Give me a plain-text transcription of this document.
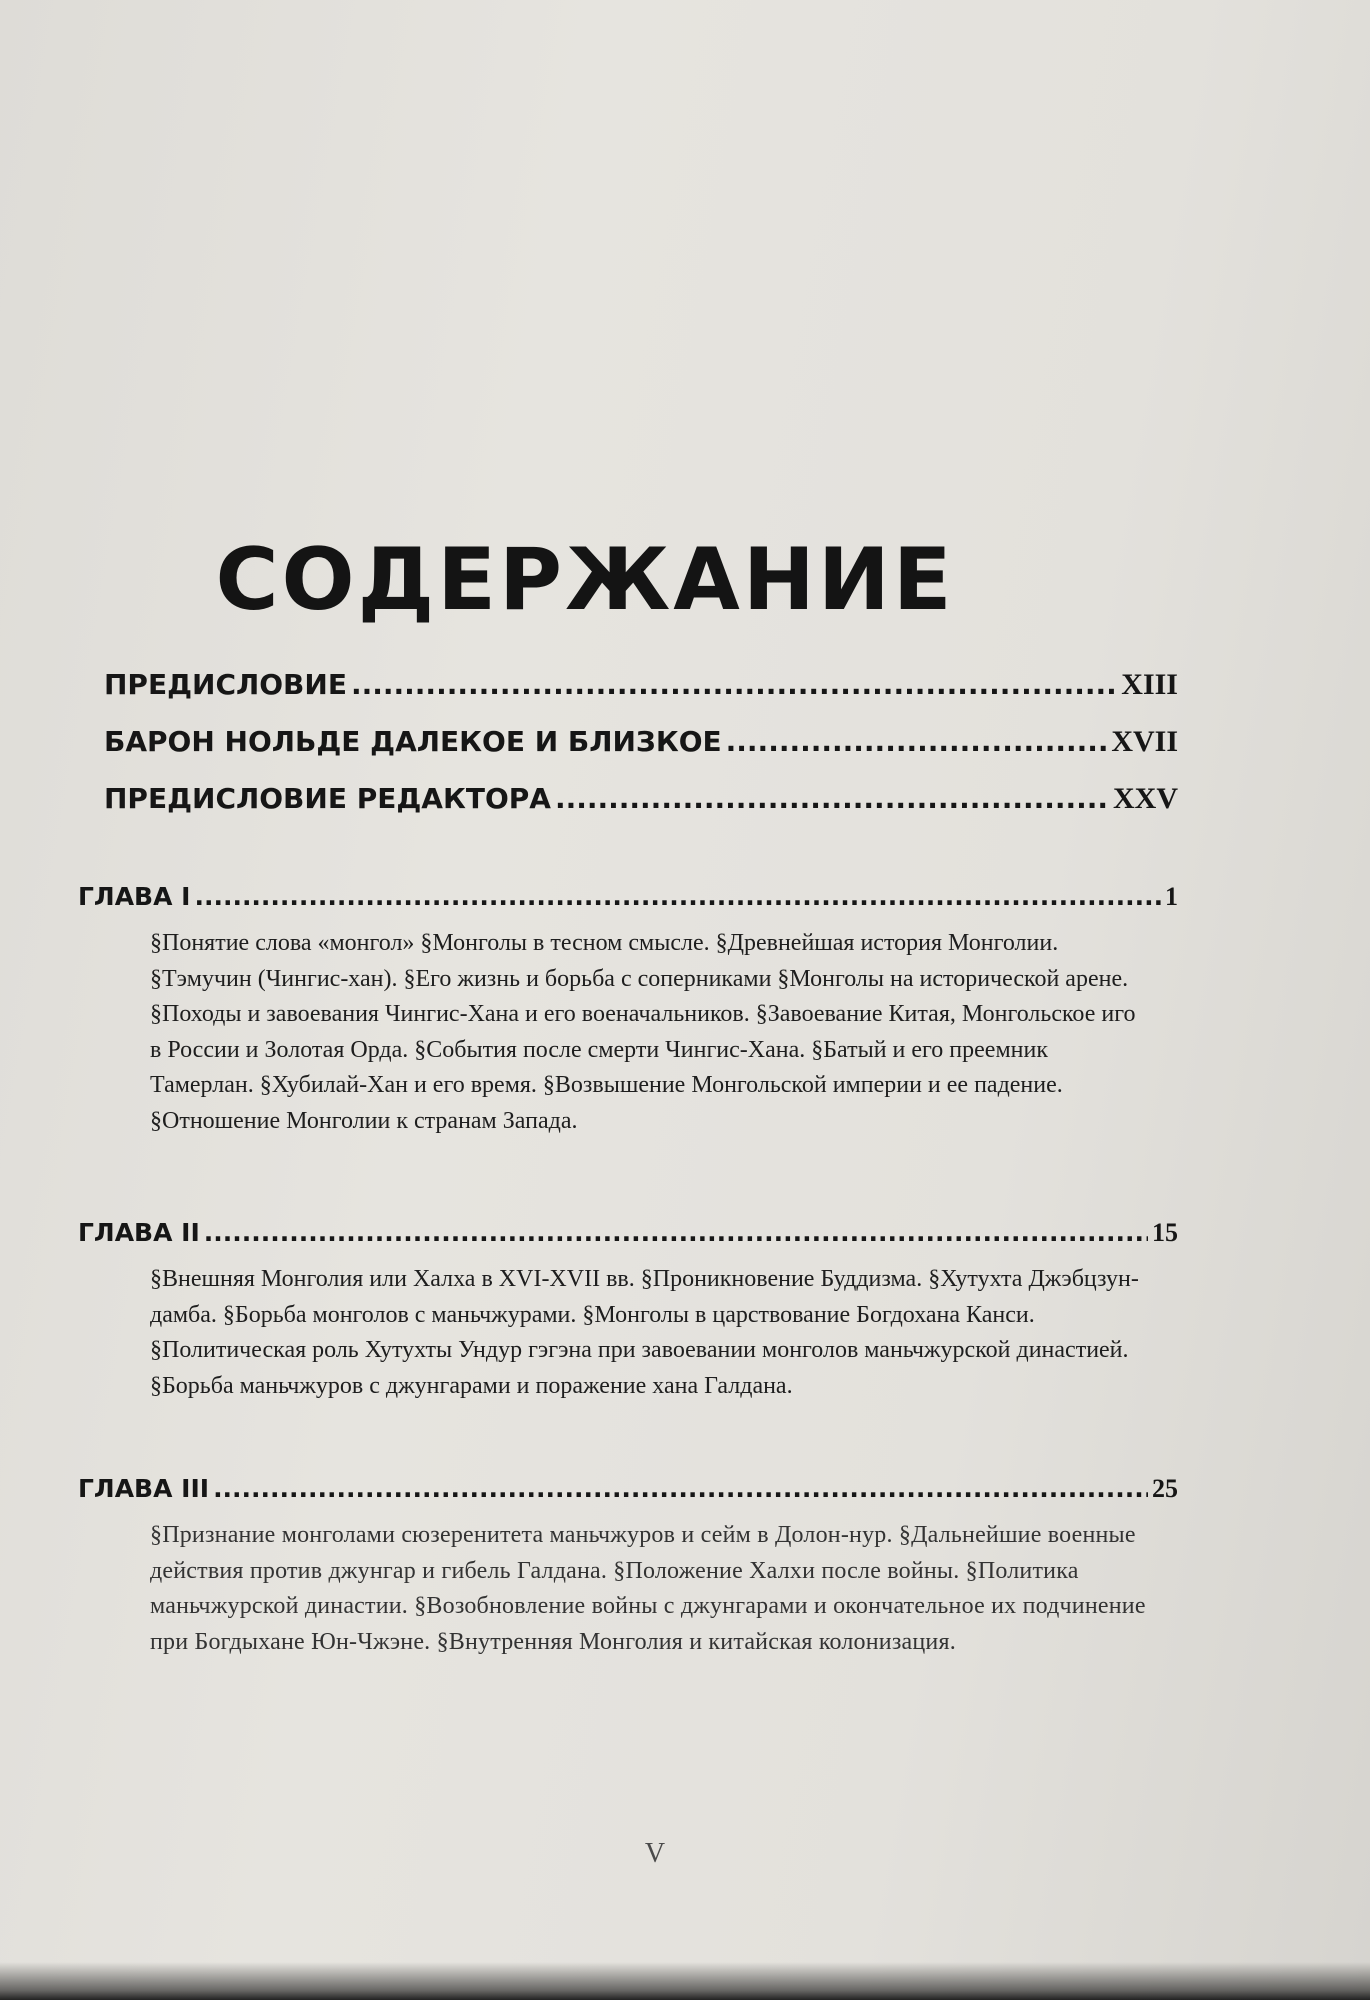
СОДЕРЖАНИЕ
ПРЕДИСЛОВИЕ .....	XIII
БАРОН НОЛЬДЕ ДАЛЕКОЕ И БЛИЗКОЕ .....	XVII
ПРЕДИСЛОВИЕ РЕДАКТОРА .....	XXV
ГЛАВА I .....	1
§Понятие слова «монгол» §Монголы в тесном смысле. §Древнейшая история Монголии. §Тэмучин (Чингис-хан). §Его жизнь и борьба с соперниками §Монголы на исторической арене. §Походы и завоевания Чингис-Хана и его военачальников. §Завоевание Китая, Монгольское иго в России и Золотая Орда. §События после смерти Чингис-Хана. §Батый и его преемник Тамерлан. §Хубилай-Хан и его время. §Возвышение Монгольской империи и ее падение. §Отношение Монголии к странам Запада.
ГЛАВА II .....	15
§Внешняя Монголия или Халха в XVI-XVII вв. §Проникновение Буддизма. §Хутухта Джэбцзун-дамба. §Борьба монголов с маньчжурами. §Монголы в царствование Богдохана Канси. §Политическая роль Хутухты Ундур гэгэна при завоевании монголов маньчжурской династией. §Борьба маньчжуров с джунгарами и поражение хана Галдана.
ГЛАВА III .....	25
§Признание монголами сюзеренитета маньчжуров и сейм в Долон-нур. §Дальнейшие военные действия против джунгар и гибель Галдана. §Положение Халхи после войны. §Политика маньчжурской династии. §Возобновление войны с джунгарами и окончательное их подчинение при Богдыхане Юн-Чжэне. §Внутренняя Монголия и китайская колонизация.
V
